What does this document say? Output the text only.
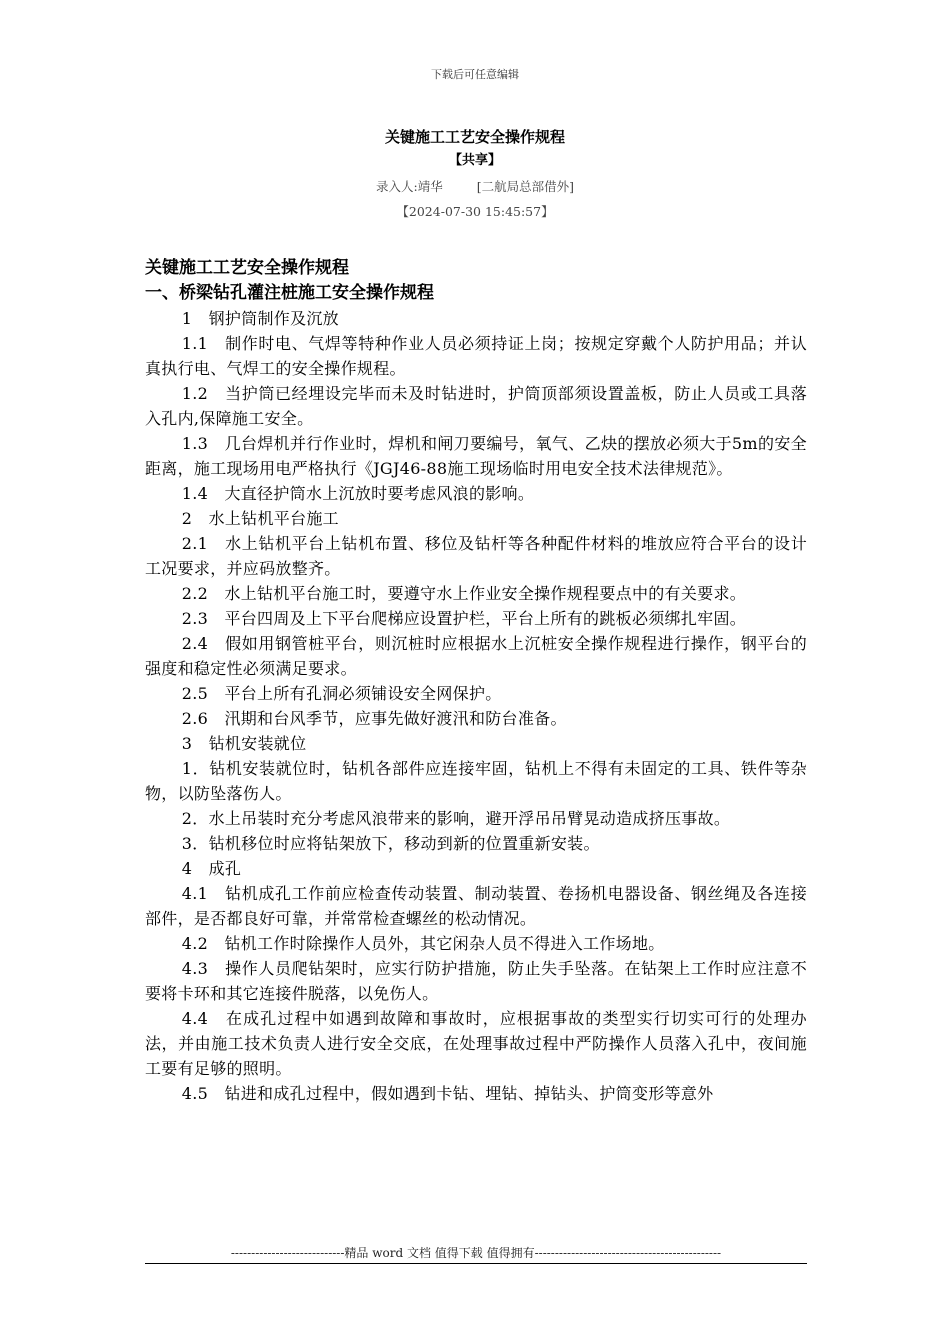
下载后可任意编辑
关键施工工艺安全操作规程
【共享】
录入人:靖华	[二航局总部借外]
【2024-07-30 15:45:57】

关键施工工艺安全操作规程

一、桥梁钻孔灌注桩施工安全操作规程

1　钢护筒制作及沉放

1.1　制作时电、气焊等特种作业人员必须持证上岗；按规定穿戴个人防护用品；并认真执行电、气焊工的安全操作规程。

1.2　当护筒已经埋设完毕而未及时钻进时，护筒顶部须设置盖板，防止人员或工具落入孔内,保障施工安全。

1.3　几台焊机并行作业时，焊机和闸刀要编号，氧气、乙炔的摆放必须大于5m的安全距离，施工现场用电严格执行《JGJ46-88施工现场临时用电安全技术法律规范》。

1.4　大直径护筒水上沉放时要考虑风浪的影响。

2　水上钻机平台施工

2.1　水上钻机平台上钻机布置、移位及钻杆等各种配件材料的堆放应符合平台的设计工况要求，并应码放整齐。

2.2　水上钻机平台施工时，要遵守水上作业安全操作规程要点中的有关要求。

2.3　平台四周及上下平台爬梯应设置护栏，平台上所有的跳板必须绑扎牢固。

2.4　假如用钢管桩平台，则沉桩时应根据水上沉桩安全操作规程进行操作，钢平台的强度和稳定性必须满足要求。

2.5　平台上所有孔洞必须铺设安全网保护。

2.6　汛期和台风季节，应事先做好渡汛和防台准备。

3　钻机安装就位

1．钻机安装就位时，钻机各部件应连接牢固，钻机上不得有未固定的工具、铁件等杂物，以防坠落伤人。

2．水上吊装时充分考虑风浪带来的影响，避开浮吊吊臂晃动造成挤压事故。

3．钻机移位时应将钻架放下，移动到新的位置重新安装。

4　成孔

4.1　钻机成孔工作前应检查传动装置、制动装置、卷扬机电器设备、钢丝绳及各连接部件，是否都良好可靠，并常常检查螺丝的松动情况。

4.2　钻机工作时除操作人员外，其它闲杂人员不得进入工作场地。

4.3　操作人员爬钻架时，应实行防护措施，防止失手坠落。在钻架上工作时应注意不要将卡环和其它连接件脱落，以免伤人。

4.4　在成孔过程中如遇到故障和事故时，应根据事故的类型实行切实可行的处理办法，并由施工技术负责人进行安全交底，在处理事故过程中严防操作人员落入孔中，夜间施工要有足够的照明。

4.5　钻进和成孔过程中，假如遇到卡钻、埋钻、掉钻头、护筒变形等意外

----------------------------精品 word 文档 值得下载 值得拥有----------------------------------------------
